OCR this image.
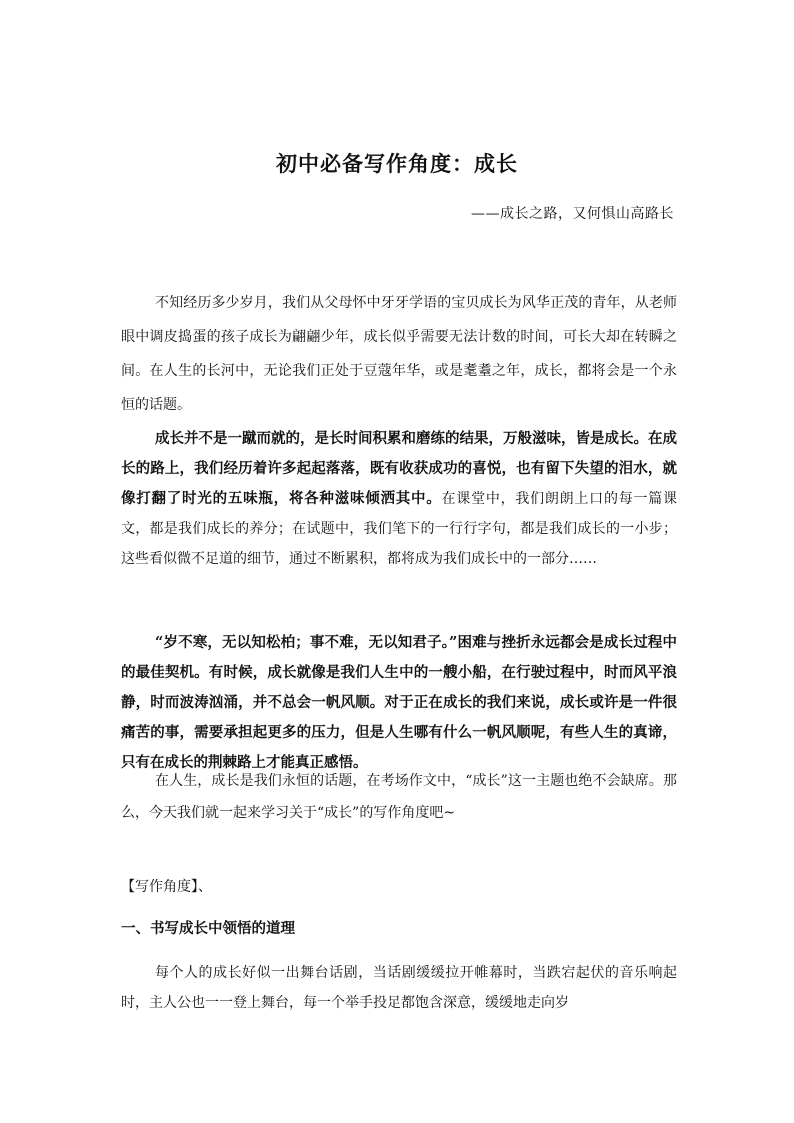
初中必备写作角度：成长
——成长之路，又何惧山高路长

不知经历多少岁月，我们从父母怀中牙牙学语的宝贝成长为风华正茂的青年，从老师眼中调皮捣蛋的孩子成长为翩翩少年，成长似乎需要无法计数的时间，可长大却在转瞬之间。在人生的长河中，无论我们正处于豆蔻年华，或是耄耋之年，成长，都将会是一个永恒的话题。

成长并不是一蹴而就的，是长时间积累和磨练的结果，万般滋味，皆是成长。在成长的路上，我们经历着许多起起落落，既有收获成功的喜悦，也有留下失望的泪水，就像打翻了时光的五味瓶，将各种滋味倾洒其中。在课堂中，我们朗朗上口的每一篇课文，都是我们成长的养分；在试题中，我们笔下的一行行字句，都是我们成长的一小步；这些看似微不足道的细节，通过不断累积，都将成为我们成长中的一部分……

“岁不寒，无以知松柏；事不难，无以知君子。”困难与挫折永远都会是成长过程中的最佳契机。有时候，成长就像是我们人生中的一艘小船，在行驶过程中，时而风平浪静，时而波涛汹涌，并不总会一帆风顺。对于正在成长的我们来说，成长或许是一件很痛苦的事，需要承担起更多的压力，但是人生哪有什么一帆风顺呢，有些人生的真谛，只有在成长的荆棘路上才能真正感悟。

在人生，成长是我们永恒的话题，在考场作文中，“成长”这一主题也绝不会缺席。那么，今天我们就一起来学习关于“成长”的写作角度吧~

【写作角度】、

一、书写成长中领悟的道理

每个人的成长好似一出舞台话剧，当话剧缓缓拉开帷幕时，当跌宕起伏的音乐响起时，主人公也一一登上舞台，每一个举手投足都饱含深意，缓缓地走向岁
